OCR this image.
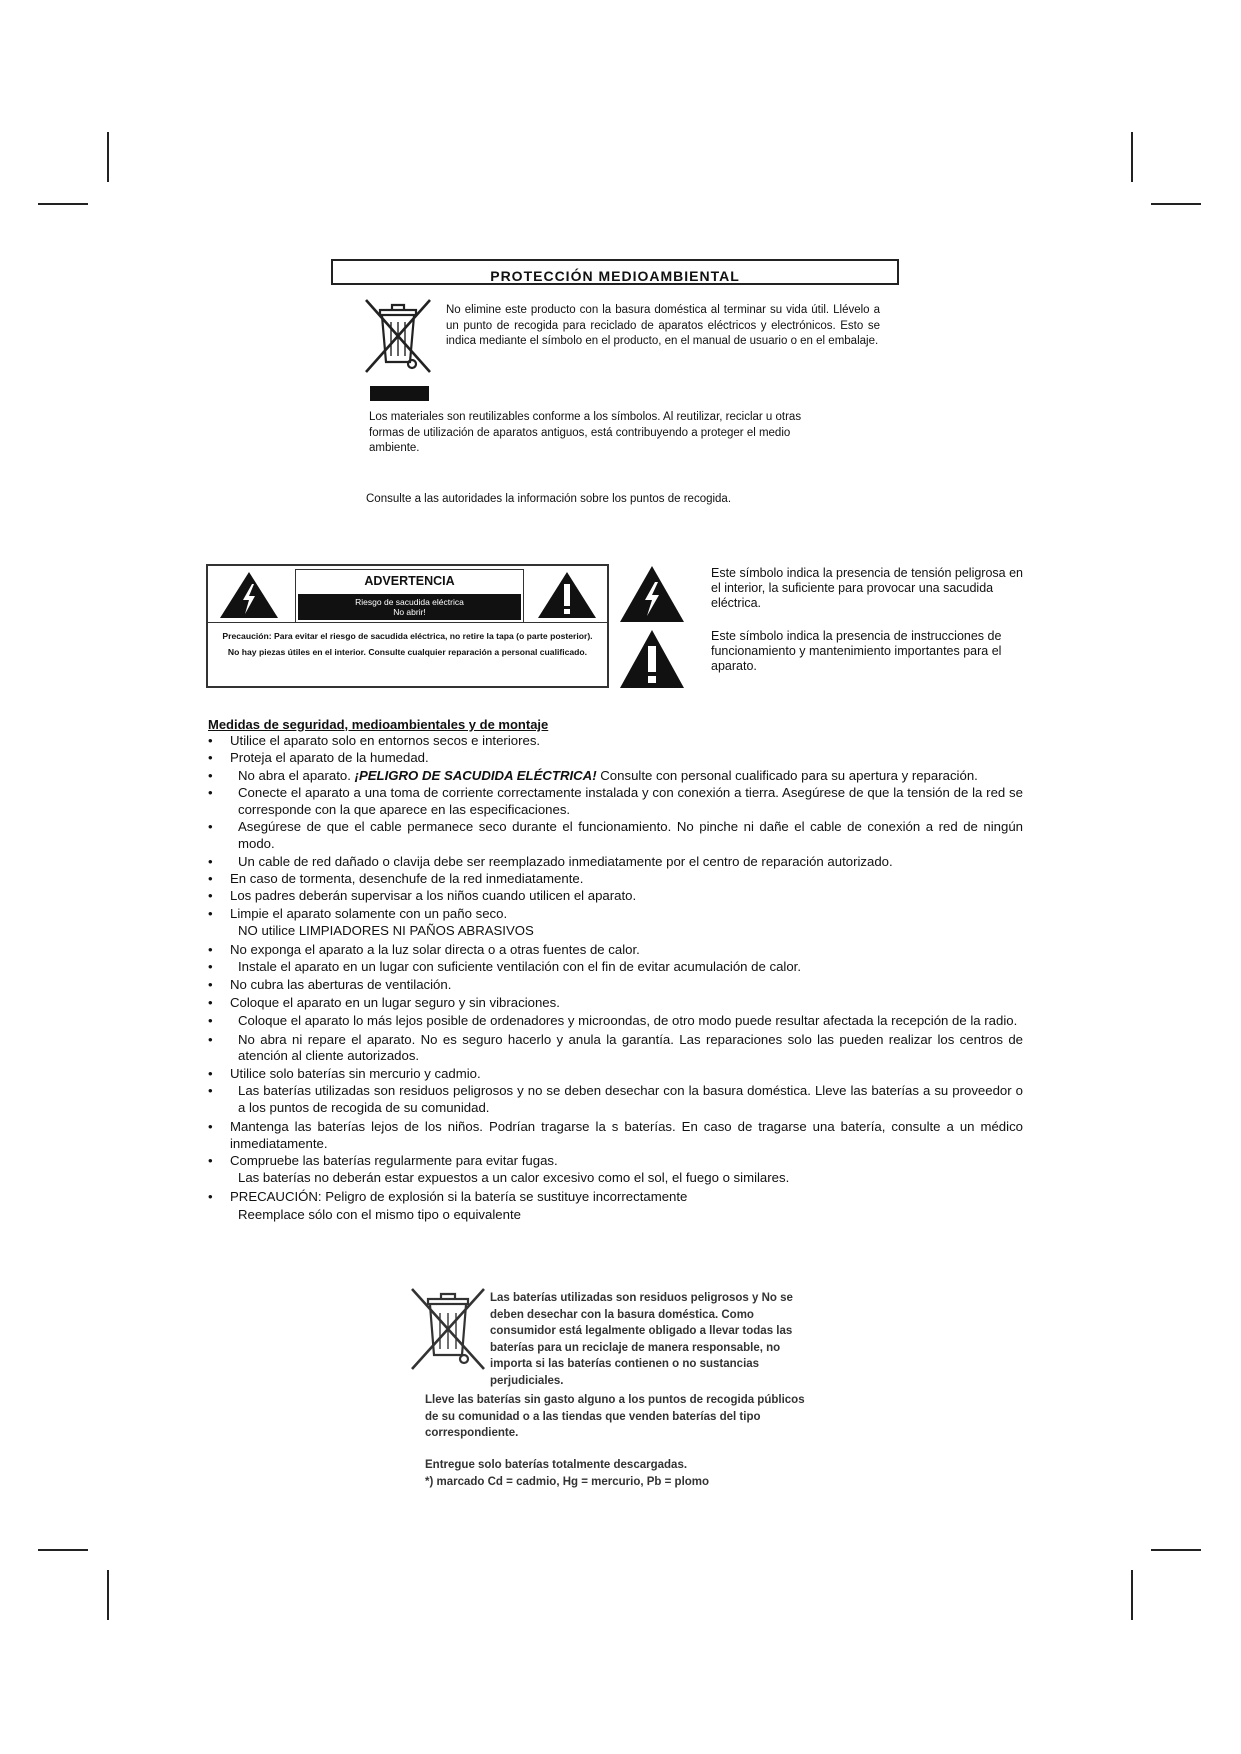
PROTECCIÓN MEDIOAMBIENTAL
No elimine este producto con la basura doméstica al terminar su vida útil. Llévelo a un punto de recogida para reciclado de aparatos eléctricos y electrónicos. Esto se indica mediante el símbolo en el producto, en el manual de usuario o en el embalaje.
Los materiales son reutilizables conforme a los símbolos. Al reutilizar, reciclar u otras formas de utilización de aparatos antiguos, está contribuyendo a proteger el medio ambiente.
Consulte a las autoridades la información sobre los puntos de recogida.
ADVERTENCIA
Riesgo de sacudida eléctrica
No abrir!
Precaución: Para evitar el riesgo de sacudida eléctrica, no retire la tapa (o parte posterior). No hay piezas útiles en el interior. Consulte cualquier reparación a personal cualificado.
Este símbolo indica la presencia de tensión peligrosa en el interior, la suficiente para provocar una sacudida eléctrica.
Este símbolo indica la presencia de instrucciones de funcionamiento y mantenimiento importantes para el aparato.
Medidas de seguridad, medioambientales y de montaje
• Utilice el aparato solo en entornos secos e interiores.
• Proteja el aparato de la humedad.
• No abra el aparato. ¡PELIGRO DE SACUDIDA ELÉCTRICA! Consulte con personal cualificado para su apertura y reparación.
• Conecte el aparato a una toma de corriente correctamente instalada y con conexión a tierra. Asegúrese de que la tensión de la red se corresponde con la que aparece en las especificaciones.
• Asegúrese de que el cable permanece seco durante el funcionamiento. No pinche ni dañe el cable de conexión a red de ningún modo.
• Un cable de red dañado o clavija debe ser reemplazado inmediatamente por el centro de reparación autorizado.
• En caso de tormenta, desenchufe de la red inmediatamente.
• Los padres deberán supervisar a los niños cuando utilicen el aparato.
• Limpie el aparato solamente con un paño seco.
NO utilice LIMPIADORES NI PAÑOS ABRASIVOS
• No exponga el aparato a la luz solar directa o a otras fuentes de calor.
• Instale el aparato en un lugar con suficiente ventilación con el fin de evitar acumulación de calor.
• No cubra las aberturas de ventilación.
• Coloque el aparato en un lugar seguro y sin vibraciones.
• Coloque el aparato lo más lejos posible de ordenadores y microondas, de otro modo puede resultar afectada la recepción de la radio.
• No abra ni repare el aparato. No es seguro hacerlo y anula la garantía. Las reparaciones solo las pueden realizar los centros de atención al cliente autorizados.
• Utilice solo baterías sin mercurio y cadmio.
• Las baterías utilizadas son residuos peligrosos y no se deben desechar con la basura doméstica. Lleve las baterías a su proveedor o a los puntos de recogida de su comunidad.
• Mantenga las baterías lejos de los niños. Podrían tragarse la s baterías. En caso de tragarse una batería, consulte a un médico inmediatamente.
• Compruebe las baterías regularmente para evitar fugas.
Las baterías no deberán estar expuestos a un calor excesivo como el sol, el fuego o similares.
• PRECAUCIÓN: Peligro de explosión si la batería se sustituye incorrectamente
Reemplace sólo con el mismo tipo o equivalente
Las baterías utilizadas son residuos peligrosos y No se deben desechar con la basura doméstica. Como consumidor está legalmente obligado a llevar todas las baterías para un reciclaje de manera responsable, no importa si las baterías contienen o no sustancias perjudiciales.
Lleve las baterías sin gasto alguno a los puntos de recogida públicos de su comunidad o a las tiendas que venden baterías del tipo correspondiente.
Entregue solo baterías totalmente descargadas.
*) marcado Cd = cadmio, Hg = mercurio, Pb = plomo
